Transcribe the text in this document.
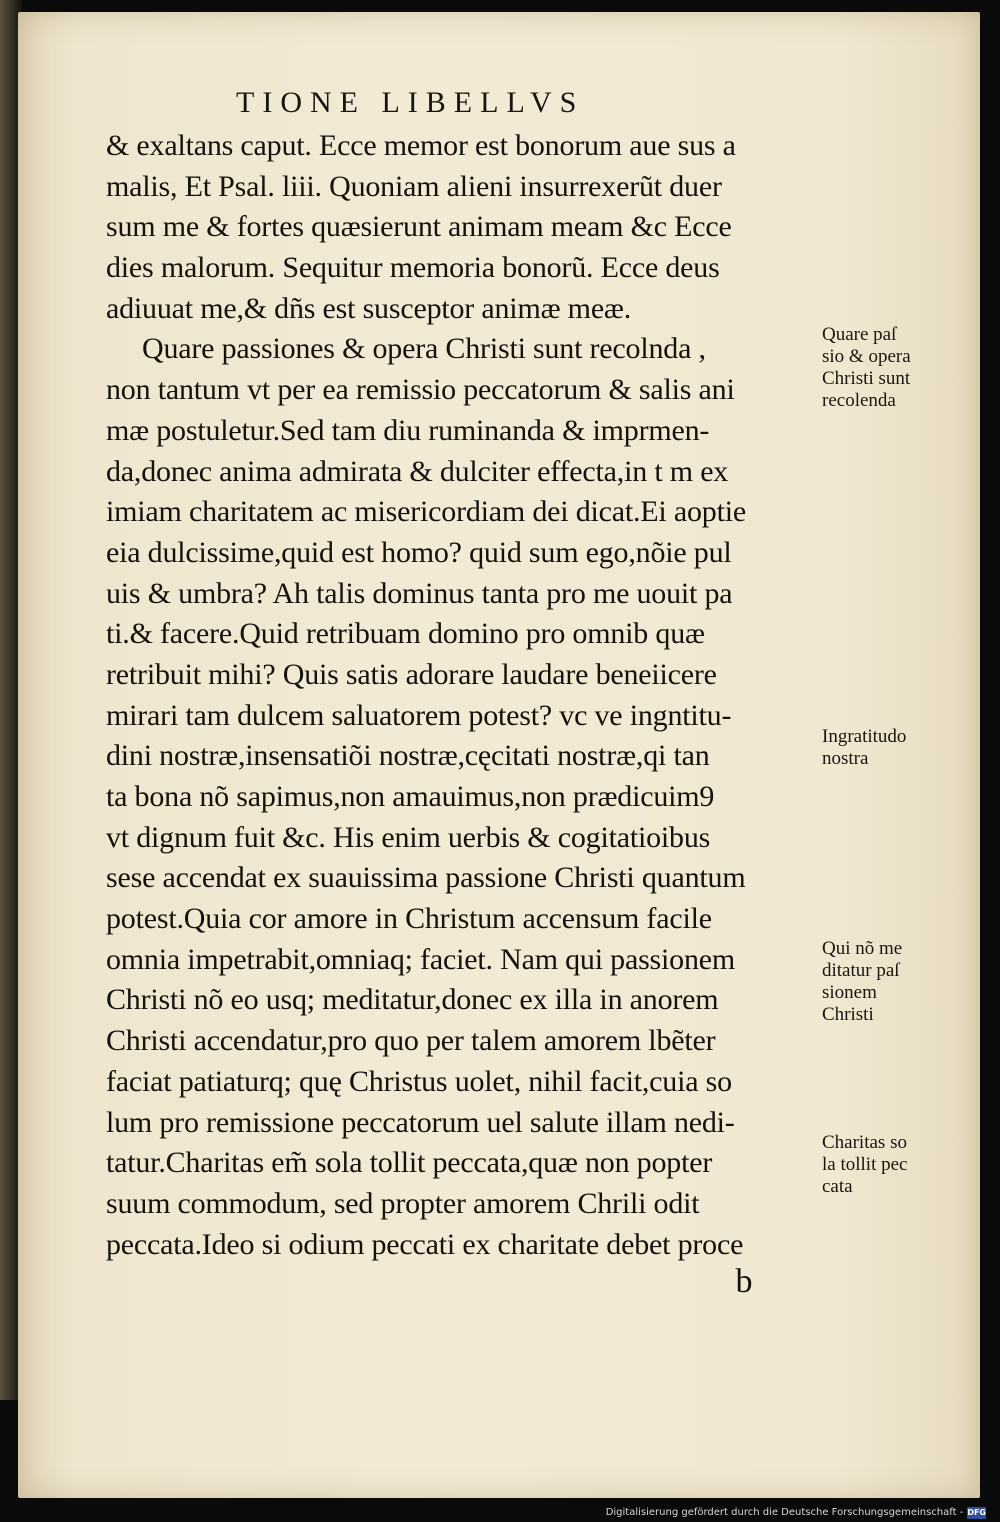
TIONE LIBELLVS
& exaltans caput. Ecce memor est bonorum aue sus a
malis, Et Psal. liii. Quoniam alieni insurrexerũt duer
sum me & fortes quæsierunt animam meam &c Ecce
dies malorum. Sequitur memoria bonorũ. Ecce deus
adiuuat me,& dñs est susceptor animæ meæ.
Quare passiones & opera Christi sunt recolnda ,
non tantum vt per ea remissio peccatorum & salis ani
mæ postuletur.Sed tam diu ruminanda & imprmen-
da,donec anima admirata & dulciter effecta,in t m ex
imiam charitatem ac misericordiam dei dicat.Ei aoptie
eia dulcissime,quid est homo? quid sum ego,nõie pul
uis & umbra? Ah talis dominus tanta pro me uouit pa
ti.& facere.Quid retribuam domino pro omnib quæ
retribuit mihi? Quis satis adorare laudare beneiicere
mirari tam dulcem saluatorem potest? vc ve ingntitu-
dini nostræ,insensatiõi nostræ,cęcitati nostræ,qi tan
ta bona nõ sapimus,non amauimus,non prædicuim9
vt dignum fuit &c. His enim uerbis & cogitatioibus
sese accendat ex suauissima passione Christi quantum
potest.Quia cor amore in Christum accensum facile
omnia impetrabit,omniaq; faciet. Nam qui passionem
Christi nõ eo usq; meditatur,donec ex illa in anorem
Christi accendatur,pro quo per talem amorem lbẽter
faciat patiaturq; quę Christus uolet, nihil facit,cuia so
lum pro remissione peccatorum uel salute illam nedi-
tatur.Charitas em̃ sola tollit peccata,quæ non popter
suum commodum, sed propter amorem Chrili odit
peccata.Ideo si odium peccati ex charitate debet proce
Quare paſ
sio & opera
Christi sunt
recolenda
Ingratitudo
nostra
Qui nõ me
ditatur paſ
sionem
Christi
Charitas so
la tollit pec
cata
b
Digitalisierung gefördert durch die Deutsche Forschungsgemeinschaft - DFG
